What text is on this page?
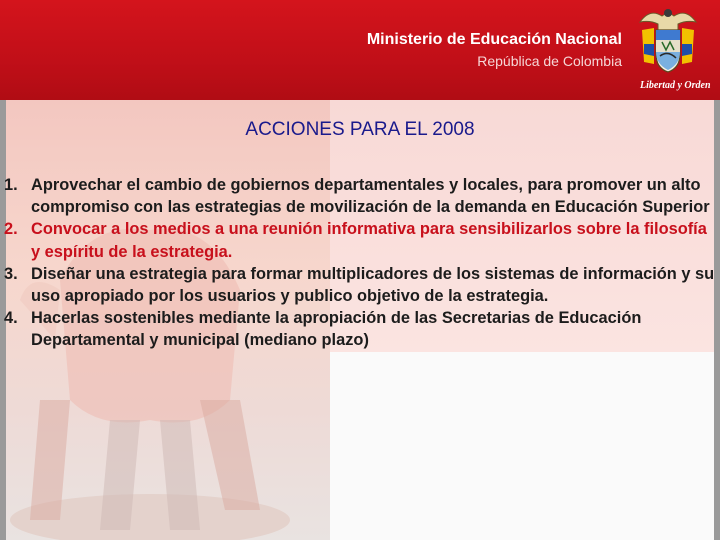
Ministerio de Educación Nacional
República de Colombia
Libertad y Orden
ACCIONES PARA EL 2008
1. Aprovechar el cambio de gobiernos departamentales y locales, para promover un alto compromiso con las estrategias de movilización de la demanda en Educación Superior
2. Convocar a los medios a una reunión informativa para sensibilizarlos sobre la filosofía y espíritu de la estrategia.
3. Diseñar una estrategia para formar multiplicadores de los sistemas de información y su uso apropiado por los usuarios y publico objetivo de la estrategia.
4. Hacerlas sostenibles mediante la apropiación de las Secretarias de Educación Departamental y municipal (mediano plazo)
